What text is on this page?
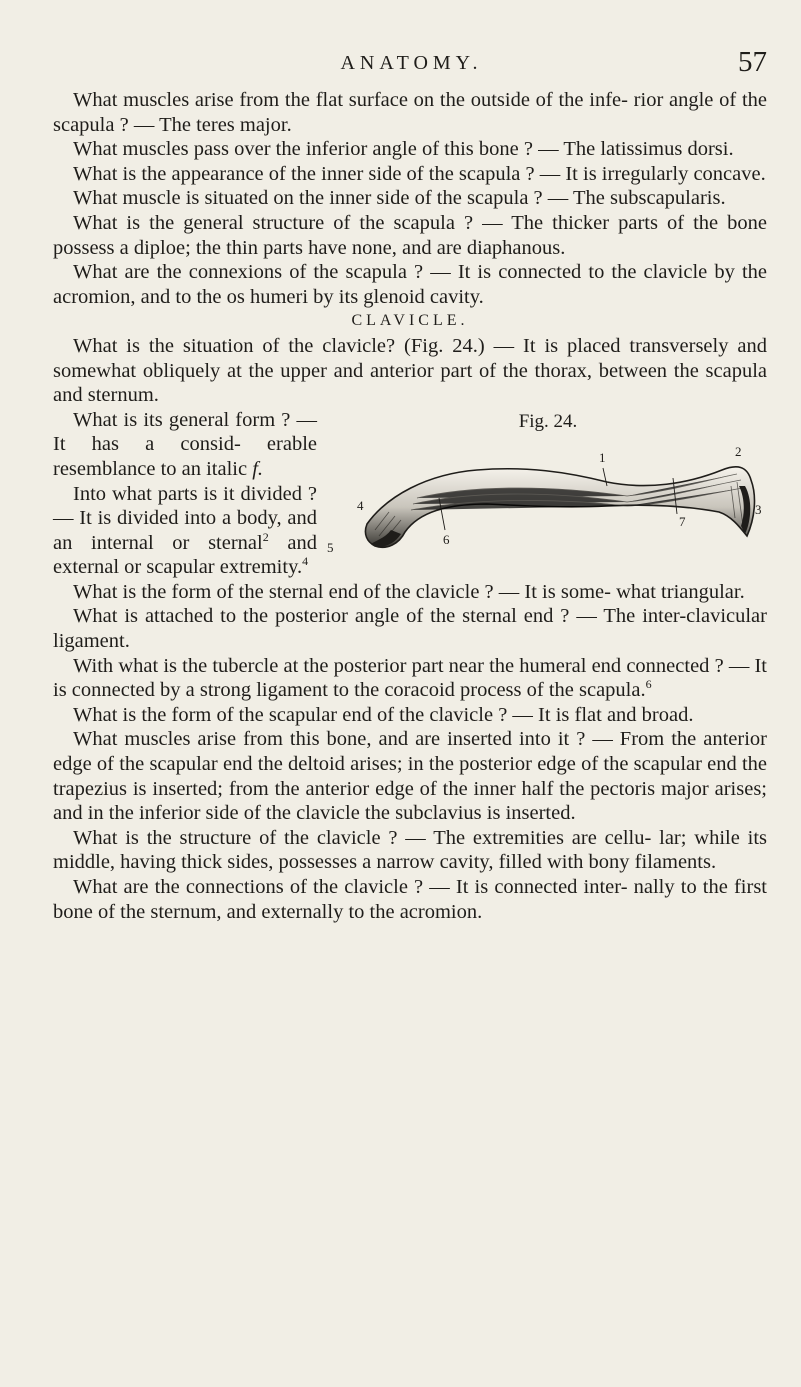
ANATOMY.	57

What muscles arise from the flat surface on the outside of the infe- rior angle of the scapula ? — The teres major.

What muscles pass over the inferior angle of this bone ? — The latissimus dorsi.

What is the appearance of the inner side of the scapula ? — It is irregularly concave.

What muscle is situated on the inner side of the scapula ? — The subscapularis.

What is the general structure of the scapula ? — The thicker parts of the bone possess a diploe; the thin parts have none, and are diaphanous.

What are the connexions of the scapula ? — It is connected to the clavicle by the acromion, and to the os humeri by its glenoid cavity.

CLAVICLE.

What is the situation of the clavicle? (Fig. 24.) — It is placed transversely and somewhat obliquely at the upper and anterior part of the thorax, between the scapula and sternum.

Fig. 24.
1	2
3
4
5
6
7

What is its general form ? — It has a consid- erable resemblance to an italic f.

Into what parts is it divided ? — It is divided into a body, and an internal or sternal$^2$ and external or scapular extremity.$^4$

What is the form of the sternal end of the clavicle ? — It is some- what triangular.

What is attached to the posterior angle of the sternal end ? — The inter-clavicular ligament.

With what is the tubercle at the posterior part near the humeral end connected ? — It is connected by a strong ligament to the coracoid process of the scapula.$^6$

What is the form of the scapular end of the clavicle ? — It is flat and broad.

What muscles arise from this bone, and are inserted into it ? — From the anterior edge of the scapular end the deltoid arises; in the posterior edge of the scapular end the trapezius is inserted; from the anterior edge of the inner half the pectoris major arises; and in the inferior side of the clavicle the subclavius is inserted.

What is the structure of the clavicle ? — The extremities are cellu- lar; while its middle, having thick sides, possesses a narrow cavity, filled with bony filaments.

What are the connections of the clavicle ? — It is connected inter- nally to the first bone of the sternum, and externally to the acromion.
